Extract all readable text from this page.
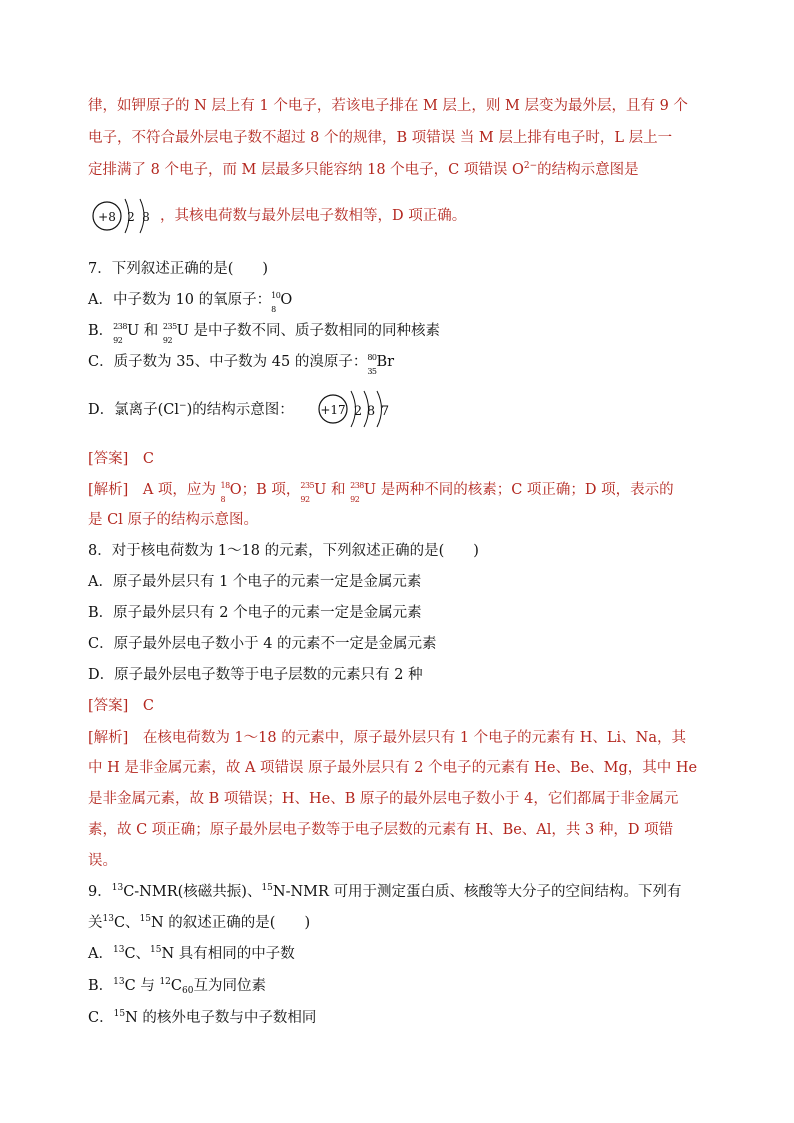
律，如钾原子的 N 层上有 1 个电子，若该电子排在 M 层上，则 M 层变为最外层，且有 9 个
电子，不符合最外层电子数不超过 8 个的规律，B 项错误 当 M 层上排有电子时，L 层上一
定排满了 8 个电子，而 M 层最多只能容纳 18 个电子，C 项错误 $O^{2-}$的结构示意图是
+8 2 8 ，其核电荷数与最外层电子数相等，D 项正确。
7．下列叙述正确的是(　　)
A．中子数为 10 的氧原子：$^{10}$
8
O
B．$^{238}$
92
U 和 $^{235}$
92
U 是中子数不同、质子数相同的同种核素
C．质子数为 35、中子数为 45 的溴原子：$^{80}$
35
Br
D．氯离子(Cl−)的结构示意图： +17 2 8 7
[答案]　 C
[解析]　 A 项，应为 $^{18}$
8
O；B 项，$^{235}$
92
U 和 $^{238}$
92
U 是两种不同的核素；C 项正确；D 项，表示的
是 Cl 原子的结构示意图。
8．对于核电荷数为 1～18 的元素，下列叙述正确的是(　　)
A．原子最外层只有 1 个电子的元素一定是金属元素
B．原子最外层只有 2 个电子的元素一定是金属元素
C．原子最外层电子数小于 4 的元素不一定是金属元素
D．原子最外层电子数等于电子层数的元素只有 2 种
[答案]　 C
[解析]　 在核电荷数为 1～18 的元素中，原子最外层只有 1 个电子的元素有 H、Li、Na，其
中 H 是非金属元素，故 A 项错误 原子最外层只有 2 个电子的元素有 He、Be、Mg，其中 He
是非金属元素，故 B 项错误；H、He、B 原子的最外层电子数小于 4，它们都属于非金属元
素，故 C 项正确；原子最外层电子数等于电子层数的元素有 H、Be、Al，共 3 种，D 项错
误。
9．$^{13}$C-NMR(核磁共振)、$^{15}$N-NMR 可用于测定蛋白质、核酸等大分子的空间结构。下列有
关$^{13}$C、$^{15}$N 的叙述正确的是(　　)
A．$^{13}$C、$^{15}$N 具有相同的中子数
B．$^{13}$C 与 $^{12}C_{60}$互为同位素
C．$^{15}$N 的核外电子数与中子数相同
